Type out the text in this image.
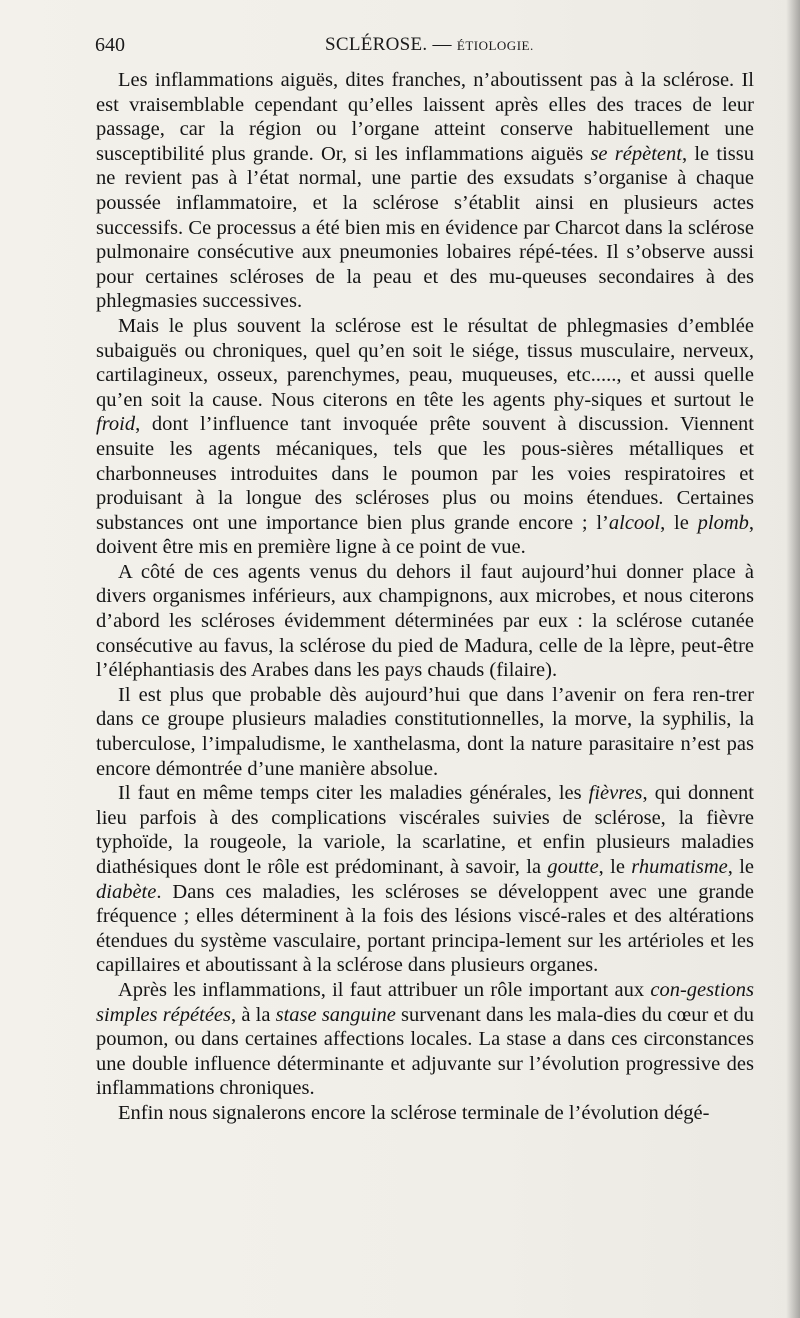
640	SCLÉROSE. — ÉTIOLOGIE.

Les inflammations aiguës, dites franches, n’aboutissent pas à la sclérose. Il est vraisemblable cependant qu’elles laissent après elles des traces de leur passage, car la région ou l’organe atteint conserve habituellement une susceptibilité plus grande. Or, si les inflammations aiguës se répètent, le tissu ne revient pas à l’état normal, une partie des exsudats s’organise à chaque poussée inflammatoire, et la sclérose s’établit ainsi en plusieurs actes successifs. Ce processus a été bien mis en évidence par Charcot dans la sclérose pulmonaire consécutive aux pneumonies lobaires répé-tées. Il s’observe aussi pour certaines scléroses de la peau et des mu-queuses secondaires à des phlegmasies successives.

Mais le plus souvent la sclérose est le résultat de phlegmasies d’emblée subaiguës ou chroniques, quel qu’en soit le siége, tissus musculaire, nerveux, cartilagineux, osseux, parenchymes, peau, muqueuses, etc....., et aussi quelle qu’en soit la cause. Nous citerons en tête les agents phy-siques et surtout le froid, dont l’influence tant invoquée prête souvent à discussion. Viennent ensuite les agents mécaniques, tels que les pous-sières métalliques et charbonneuses introduites dans le poumon par les voies respiratoires et produisant à la longue des scléroses plus ou moins étendues. Certaines substances ont une importance bien plus grande encore ; l’alcool, le plomb, doivent être mis en première ligne à ce point de vue.

A côté de ces agents venus du dehors il faut aujourd’hui donner place à divers organismes inférieurs, aux champignons, aux microbes, et nous citerons d’abord les scléroses évidemment déterminées par eux : la sclérose cutanée consécutive au favus, la sclérose du pied de Madura, celle de la lèpre, peut-être l’éléphantiasis des Arabes dans les pays chauds (filaire).

Il est plus que probable dès aujourd’hui que dans l’avenir on fera ren-trer dans ce groupe plusieurs maladies constitutionnelles, la morve, la syphilis, la tuberculose, l’impaludisme, le xanthelasma, dont la nature parasitaire n’est pas encore démontrée d’une manière absolue.

Il faut en même temps citer les maladies générales, les fièvres, qui donnent lieu parfois à des complications viscérales suivies de sclérose, la fièvre typhoïde, la rougeole, la variole, la scarlatine, et enfin plusieurs maladies diathésiques dont le rôle est prédominant, à savoir, la goutte, le rhumatisme, le diabète. Dans ces maladies, les scléroses se développent avec une grande fréquence ; elles déterminent à la fois des lésions viscé-rales et des altérations étendues du système vasculaire, portant principa-lement sur les artérioles et les capillaires et aboutissant à la sclérose dans plusieurs organes.

Après les inflammations, il faut attribuer un rôle important aux con-gestions simples répétées, à la stase sanguine survenant dans les mala-dies du cœur et du poumon, ou dans certaines affections locales. La stase a dans ces circonstances une double influence déterminante et adjuvante sur l’évolution progressive des inflammations chroniques.

Enfin nous signalerons encore la sclérose terminale de l’évolution dégé-
